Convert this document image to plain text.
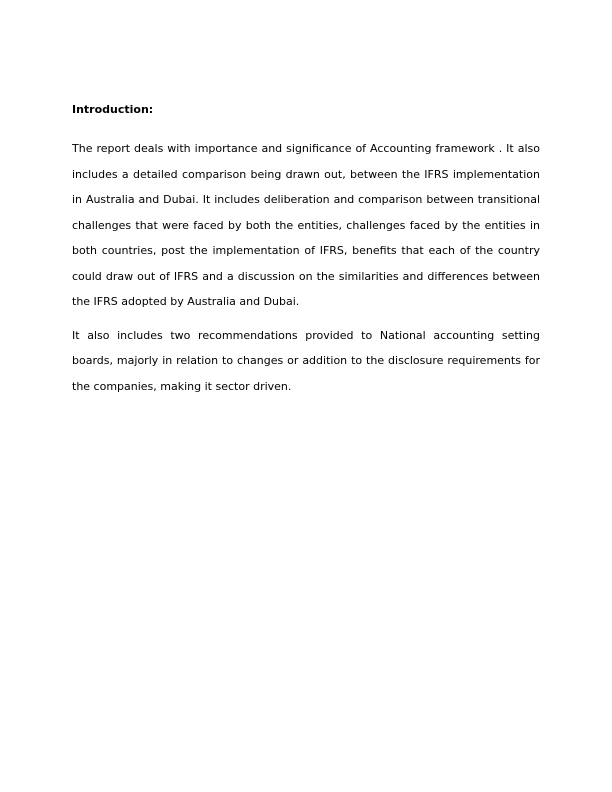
Introduction:
The report deals with importance and significance of Accounting framework . It also
includes a detailed comparison being drawn out, between the IFRS implementation
in Australia and Dubai. It includes deliberation and comparison between transitional
challenges that were faced by both the entities, challenges faced by the entities in
both countries, post the implementation of IFRS, benefits that each of the country
could draw out of IFRS and a discussion on the similarities and differences between
the IFRS adopted by Australia and Dubai.
It also includes two recommendations provided to National accounting setting
boards, majorly in relation to changes or addition to the disclosure requirements for
the companies, making it sector driven.
